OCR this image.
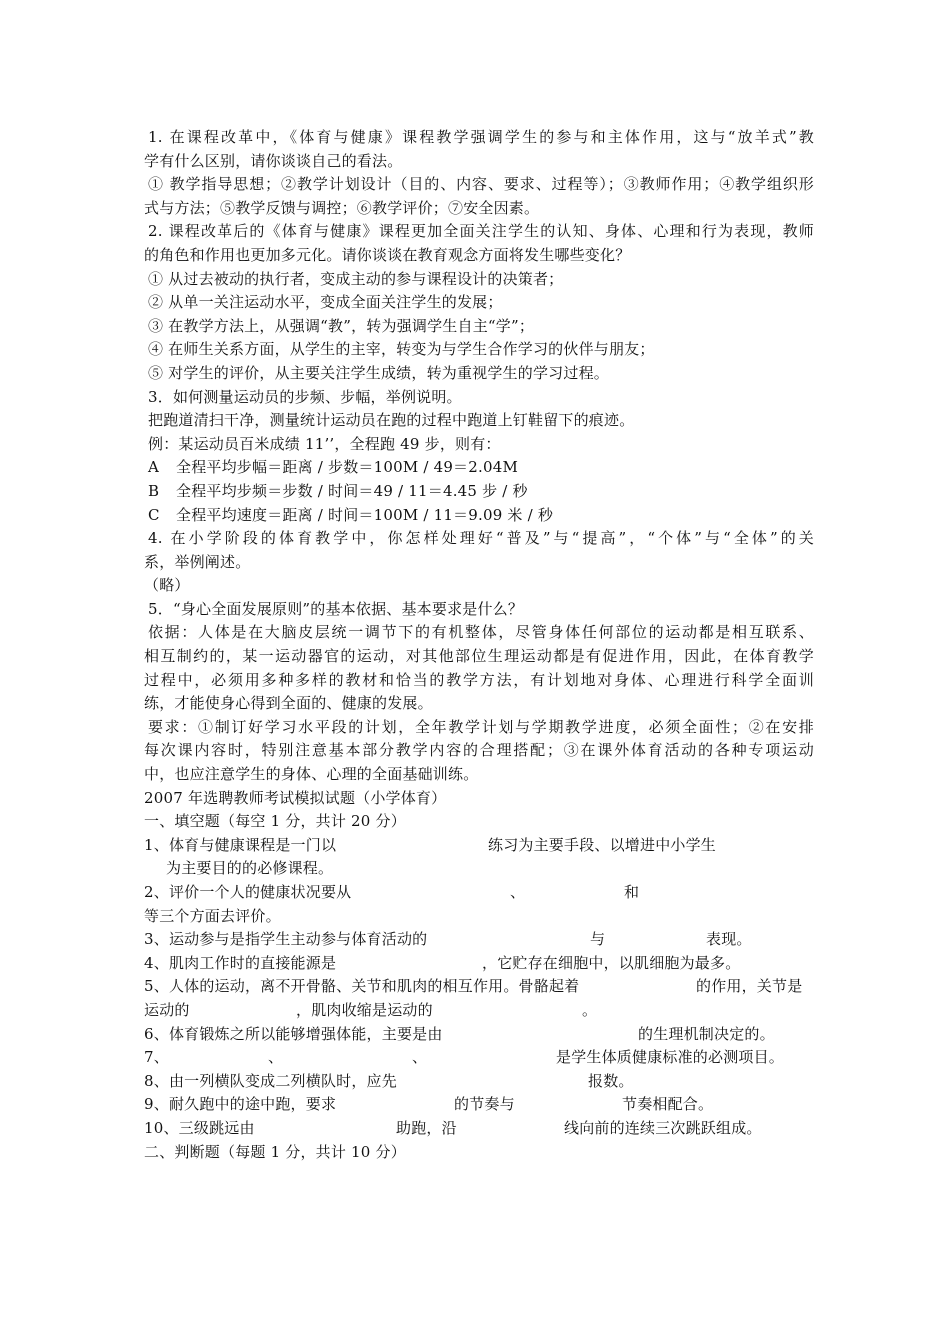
1. 在课程改革中，《体育与健康》课程教学强调学生的参与和主体作用，这与“放羊式”教
学有什么区别，请你谈谈自己的看法。
① 教学指导思想；②教学计划设计（目的、内容、要求、过程等）；③教师作用；④教学组织形
式与方法；⑤教学反馈与调控；⑥教学评价；⑦安全因素。
2. 课程改革后的《体育与健康》课程更加全面关注学生的认知、身体、心理和行为表现，教师
的角色和作用也更加多元化。请你谈谈在教育观念方面将发生哪些变化？
① 从过去被动的执行者，变成主动的参与课程设计的决策者；
② 从单一关注运动水平，变成全面关注学生的发展；
③ 在教学方法上，从强调“教”，转为强调学生自主“学”；
④ 在师生关系方面，从学生的主宰，转变为与学生合作学习的伙伴与朋友；
⑤ 对学生的评价，从主要关注学生成绩，转为重视学生的学习过程。
3．如何测量运动员的步频、步幅，举例说明。
把跑道清扫干净，测量统计运动员在跑的过程中跑道上钉鞋留下的痕迹。
例：某运动员百米成绩 11’’，全程跑 49 步，则有：
A 全程平均步幅＝距离 / 步数＝100M / 49＝2.04M
B 全程平均步频＝步数 / 时间＝49 / 11＝4.45 步 / 秒
C 全程平均速度＝距离 / 时间＝100M / 11＝9.09 米 / 秒
4. 在小学阶段的体育教学中，你怎样处理好“普及”与“提高”，“个体”与“全体”的关
系，举例阐述。
（略）
5．“身心全面发展原则”的基本依据、基本要求是什么？
依据：人体是在大脑皮层统一调节下的有机整体，尽管身体任何部位的运动都是相互联系、
相互制约的，某一运动器官的运动，对其他部位生理运动都是有促进作用，因此，在体育教学
过程中，必须用多种多样的教材和恰当的教学方法，有计划地对身体、心理进行科学全面训
练，才能使身心得到全面的、健康的发展。
要求：①制订好学习水平段的计划，全年教学计划与学期教学进度，必须全面性；②在安排
每次课内容时，特别注意基本部分教学内容的合理搭配；③在课外体育活动的各种专项运动
中，也应注意学生的身体、心理的全面基础训练。
2007 年选聘教师考试模拟试题（小学体育）
一、填空题（每空 1 分，共计 20 分）
1、体育与健康课程是一门以	练习为主要手段、以增进中小学生
为主要目的的必修课程。
2、评价一个人的健康状况要从	、	和
等三个方面去评价。
3、运动参与是指学生主动参与体育活动的	与	表现。
4、肌肉工作时的直接能源是	，它贮存在细胞中，以肌细胞为最多。
5、人体的运动，离不开骨骼、关节和肌肉的相互作用。骨骼起着	的作用，关节是
运动的	，肌肉收缩是运动的	。
6、体育锻炼之所以能够增强体能，主要是由	的生理机制决定的。
7、	、	、	是学生体质健康标准的必测项目。
8、由一列横队变成二列横队时，应先	报数。
9、耐久跑中的途中跑，要求	的节奏与	节奏相配合。
10、三级跳远由	助跑，沿	线向前的连续三次跳跃组成。
二、判断题（每题 1 分，共计 10 分）
